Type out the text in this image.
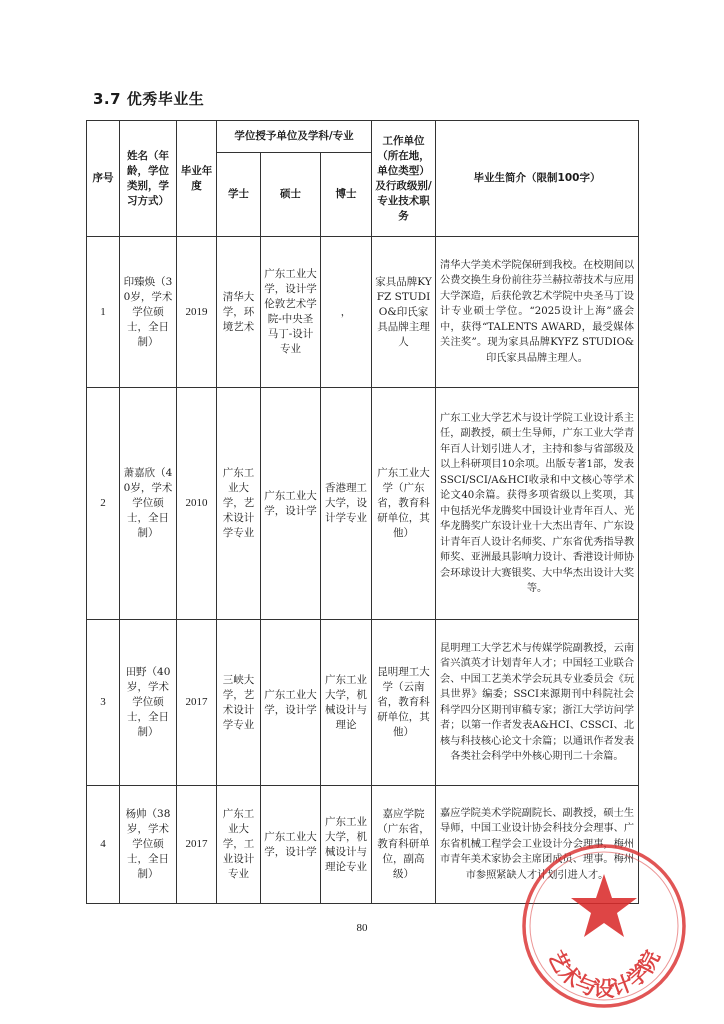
3.7 优秀毕业生
序号	姓名（年龄，学位类别，学习方式）	毕业年度	学位授予单位及学科/专业			工作单位（所在地，单位类型）及行政级别/专业技术职务	毕业生简介（限制100字）
			学士	硕士	博士		
1	印臻焕（30岁，学术学位硕士，全日制）	2019	清华大学，环境艺术	广东工业大学，设计学伦敦艺术学院-中央圣马丁-设计专业	，	家具品牌KYFZ STUDIO&印氏家具品牌主理人	清华大学美术学院保研到我校。在校期间以公费交换生身份前往芬兰赫拉蒂技术与应用大学深造，后获伦敦艺术学院中央圣马丁设计专业硕士学位。“2025设计上海”盛会中，获得“TALENTS AWARD，最受媒体关注奖”。现为家具品牌KYFZ STUDIO&印氏家具品牌主理人。
2	萧嘉欣（40岁，学术学位硕士，全日制）	2010	广东工业大学，艺术设计学专业	广东工业大学，设计学	香港理工大学，设计学专业	广东工业大学（广东省，教育科研单位，其他）	广东工业大学艺术与设计学院工业设计系主任，副教授，硕士生导师，广东工业大学青年百人计划引进人才，主持和参与省部级及以上科研项目10余项。出版专著1部，发表SSCI/SCI/A&HCI收录和中文核心等学术论文40余篇。获得多项省级以上奖项，其中包括光华龙腾奖中国设计业青年百人、光华龙腾奖广东设计业十大杰出青年、广东设计青年百人设计名师奖、广东省优秀指导教师奖、亚洲最具影响力设计、香港设计师协会环球设计大赛银奖、大中华杰出设计大奖等。
3	田野（40岁，学术学位硕士，全日制）	2017	三峡大学，艺术设计学专业	广东工业大学，设计学	广东工业大学，机械设计与理论	昆明理工大学（云南省，教育科研单位，其他）	昆明理工大学艺术与传媒学院副教授，云南省兴滇英才计划青年人才；中国轻工业联合会、中国工艺美术学会玩具专业委员会《玩具世界》编委；SSCI来源期刊中科院社会科学四分区期刊审稿专家；浙江大学访问学者；以第一作者发表A&HCI、CSSCI、北核与科技核心论文十余篇；以通讯作者发表各类社会科学中外核心期刊二十余篇。
4	杨帅（38岁，学术学位硕士，全日制）	2017	广东工业大学，工业设计专业	广东工业大学，设计学	广东工业大学，机械设计与理论专业	嘉应学院（广东省，教育科研单位，副高级）	嘉应学院美术学院副院长、副教授，硕士生导师，中国工业设计协会科技分会理事、广东省机械工程学会工业设计分会理事，梅州市青年美术家协会主席团成员、理事。梅州市参照紧缺人才计划引进人才。
80
艺术与设计学院
